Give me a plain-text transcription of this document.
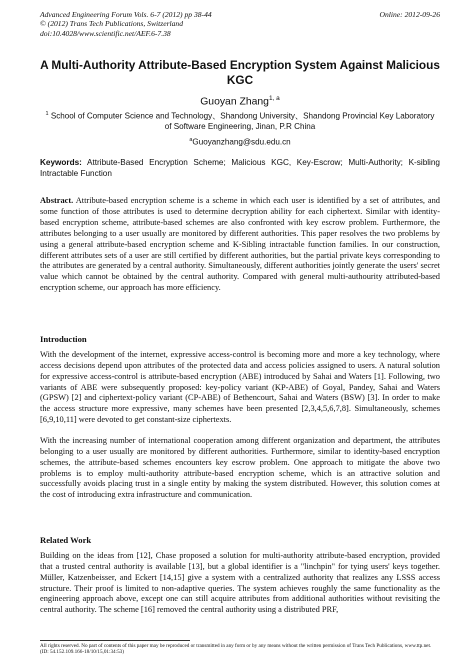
Advanced Engineering Forum Vols. 6-7 (2012) pp 38-44
© (2012) Trans Tech Publications, Switzerland
doi:10.4028/www.scientific.net/AEF.6-7.38
Online: 2012-09-26
A Multi-Authority Attribute-Based Encryption System Against Malicious KGC
Guoyan Zhang$^{1, a}$
$^1$ School of Computer Science and Technology、Shandong University、Shandong Provincial Key Laboratory of Software Engineering, Jinan, P.R China
$^a$Guoyanzhang@sdu.edu.cn
Keywords: Attribute-Based Encryption Scheme; Malicious KGC, Key-Escrow; Multi-Authority; K-sibling Intractable Function
Abstract. Attribute-based encryption scheme is a scheme in which each user is identified by a set of attributes, and some function of those attributes is used to determine decryption ability for each ciphertext. Similar with identity-based encryption scheme, attribute-based schemes are also confronted with key escrow problem. Furthermore, the attributes belonging to a user usually are monitored by different authorities. This paper resolves the two problems by using a general attribute-based encryption scheme and K-Sibling intractable function families. In our construction, different attributes sets of a user are still certified by different authorities, but the partial private keys corresponding to the attributes are generated by a central authority. Simultaneously, different authorities jointly generate the users' secret value which cannot be obtained by the central authority. Compared with general multi-authourity attributed-based encryption scheme, our approach has more efficiency.
Introduction
With the development of the internet, expressive access-control is becoming more and more a key technology, where access decisions depend upon attributes of the protected data and access policies assigned to users. A natural solution for expressive access-control is attribute-based encryption (ABE) introduced by Sahai and Waters [1]. Following, two variants of ABE were subsequently proposed: key-policy variant (KP-ABE) of Goyal, Pandey, Sahai and Waters (GPSW) [2] and ciphertext-policy variant (CP-ABE) of Bethencourt, Sahai and Waters (BSW) [3]. In order to make the access structure more expressive, many schemes have been presented [2,3,4,5,6,7,8]. Simultaneously, schemes [6,9,10,11] were devoted to get constant-size ciphertexts.
With the increasing number of international cooperation among different organization and department, the attributes belonging to a user usually are monitored by different authorities. Furthermore, similar to identity-based encryption schemes, the attribute-based schemes encounters key escrow problem. One approach to mitigate the above two problems is to employ multi-authority attribute-based encryption scheme, which is an attractive solution and successfully avoids placing trust in a single entity by making the system distributed. However, this solution comes at the cost of introducing extra infrastructure and communication.
Related Work
Building on the ideas from [12], Chase proposed a solution for multi-authority attribute-based encryption, provided that a trusted central authority is available [13], but a global identifier is a "linchpin" for tying users' keys together. Müller, Katzenbeisser, and Eckert [14,15] give a system with a centralized authority that realizes any LSSS access structure. Their proof is limited to non-adaptive queries. The system achieves roughly the same functionality as the engineering approach above, except one can still acquire attributes from additional authorities without revisiting the central authority. The scheme [16] removed the central authority using a distributed PRF,
All rights reserved. No part of contents of this paper may be reproduced or transmitted in any form or by any means without the written permission of Trans Tech Publications, www.ttp.net. (ID: 54.152.109.166-18/10/15,01:34:53)
